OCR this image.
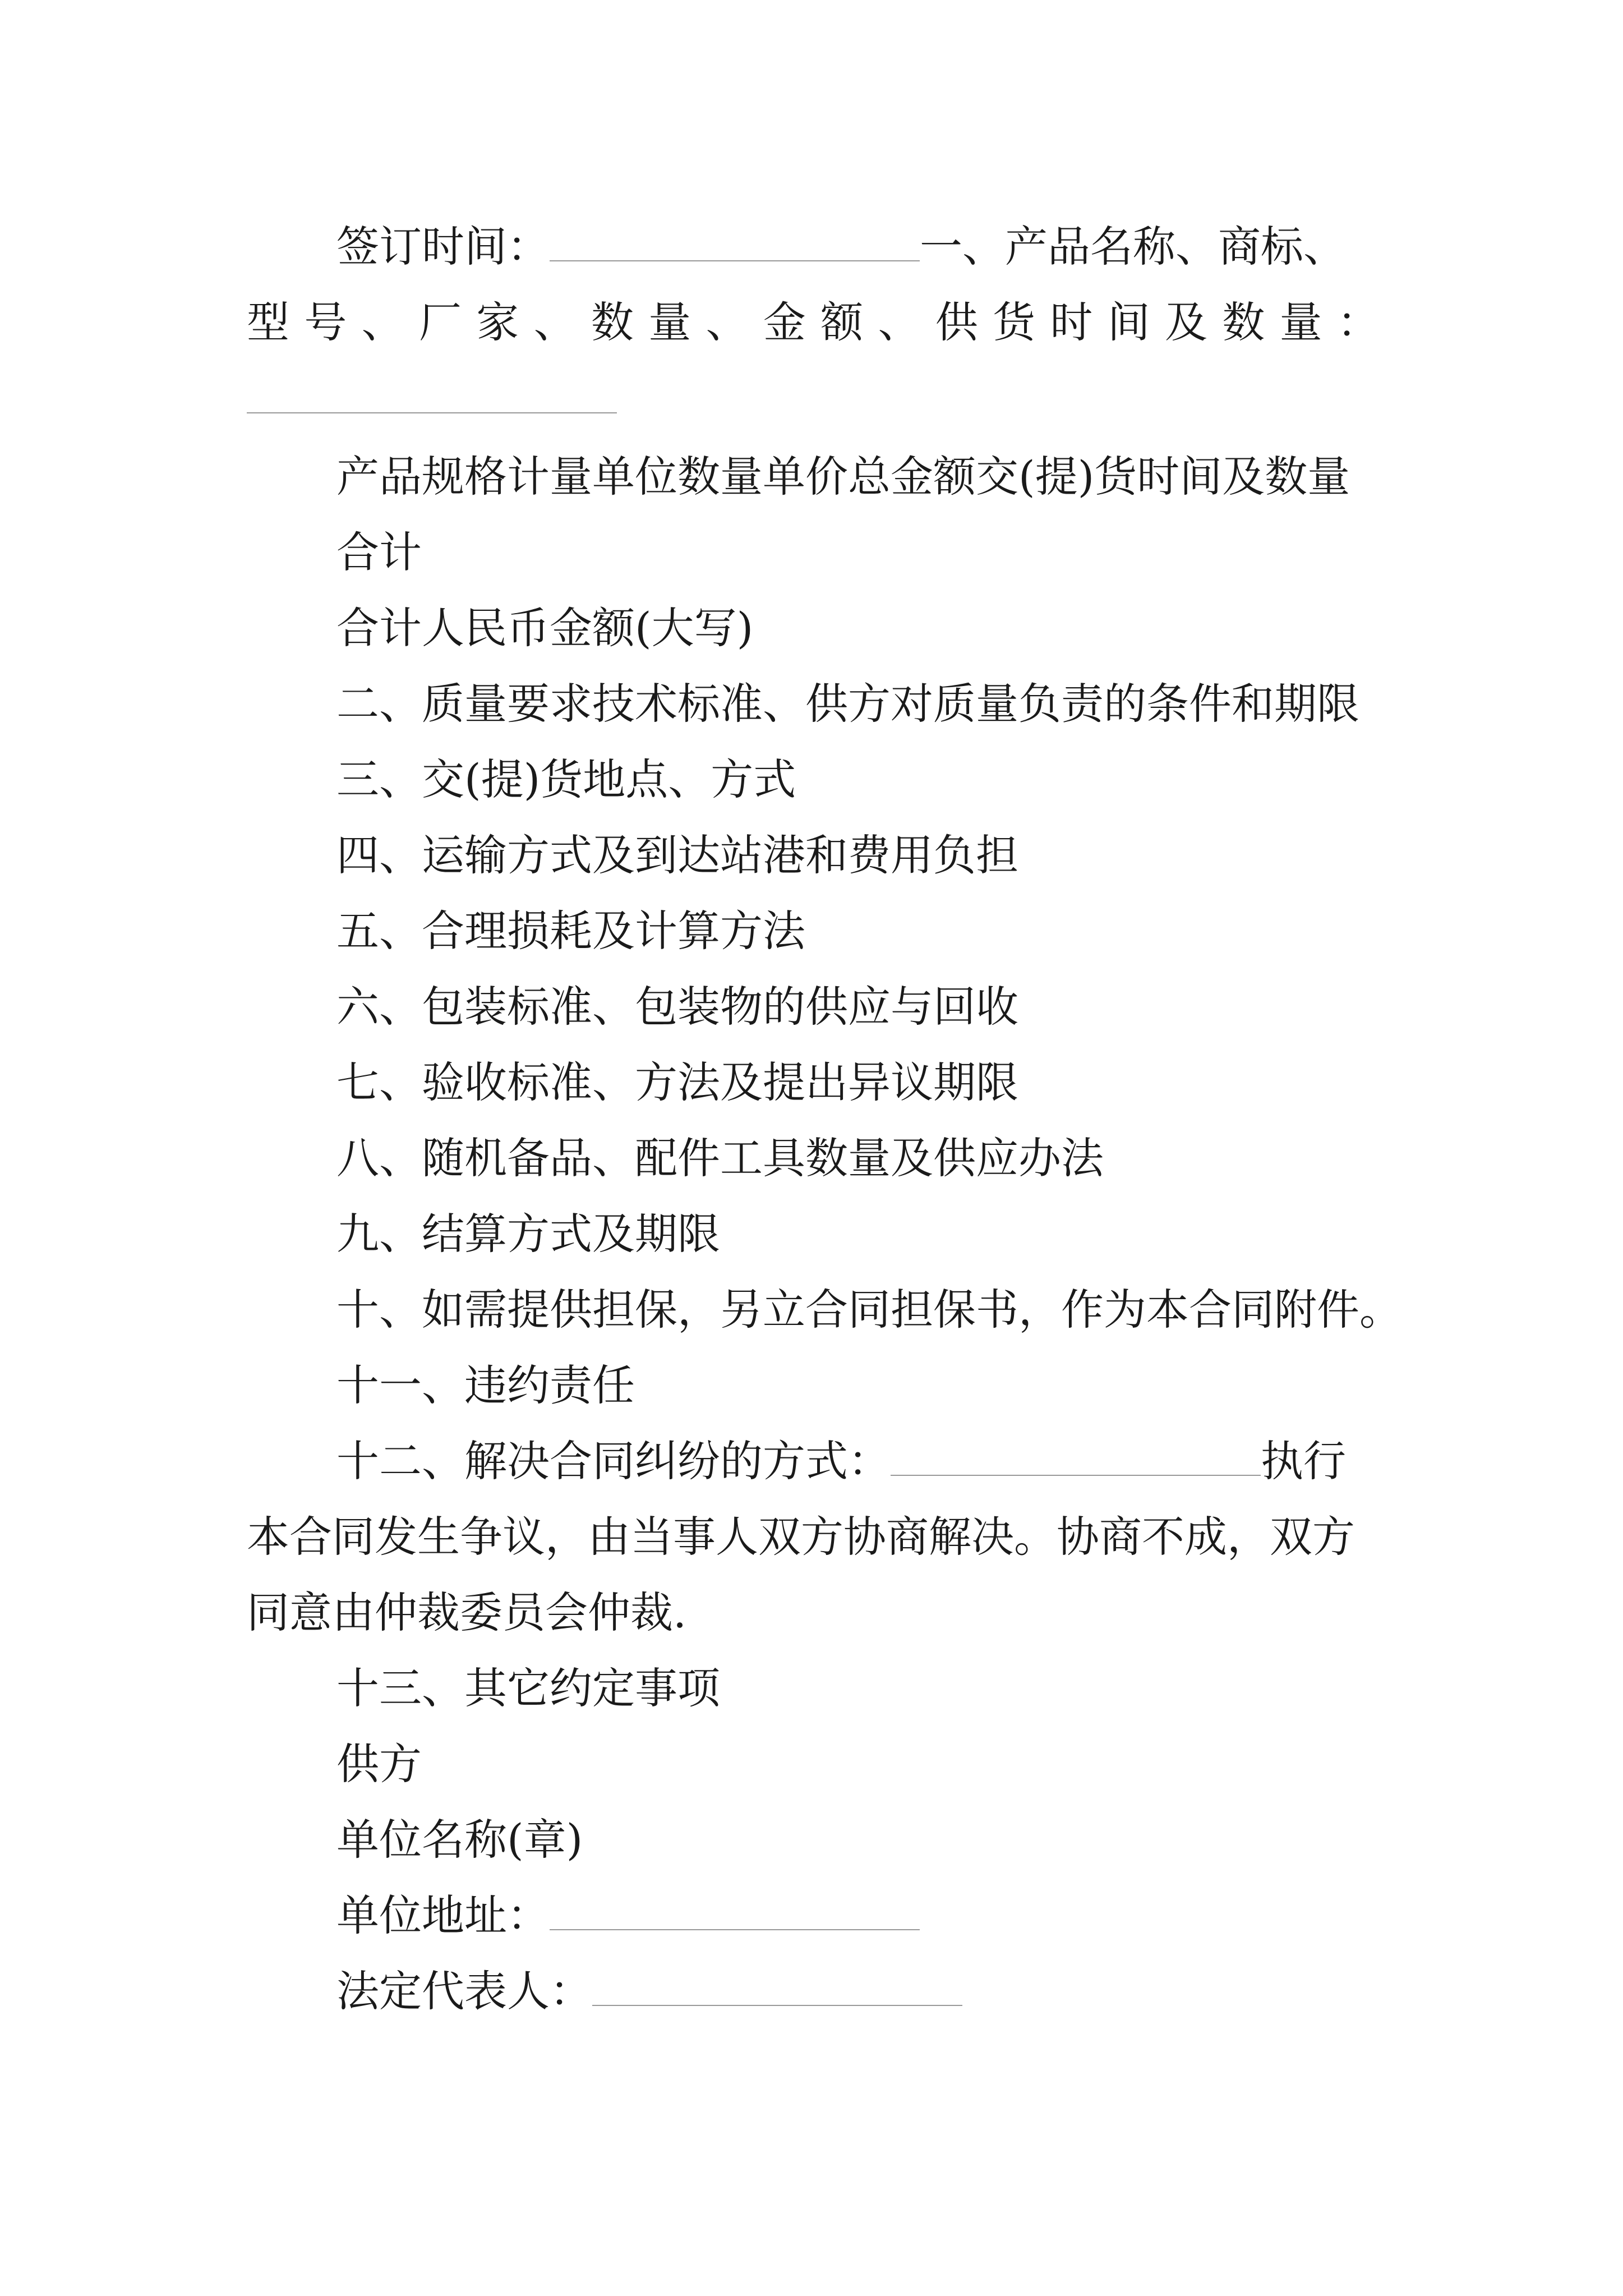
签订时间：	一、产品名称、商标、
型 号 、 厂 家 、 数 量 、 金 额 、 供 货 时 间 及 数 量 ：
产品规格计量单位数量单价总金额交(提)货时间及数量
合计
合计人民币金额(大写)
二、质量要求技术标准、供方对质量负责的条件和期限
三、交(提)货地点、方式
四、运输方式及到达站港和费用负担
五、合理损耗及计算方法
六、包装标准、包装物的供应与回收
七、验收标准、方法及提出异议期限
八、随机备品、配件工具数量及供应办法
九、结算方式及期限
十、如需提供担保，另立合同担保书，作为本合同附件。
十一、违约责任
十二、解决合同纠纷的方式：	执行
本合同发生争议，由当事人双方协商解决。协商不成，双方
同意由仲裁委员会仲裁.
十三、其它约定事项
供方
单位名称(章)
单位地址：
法定代表人：
